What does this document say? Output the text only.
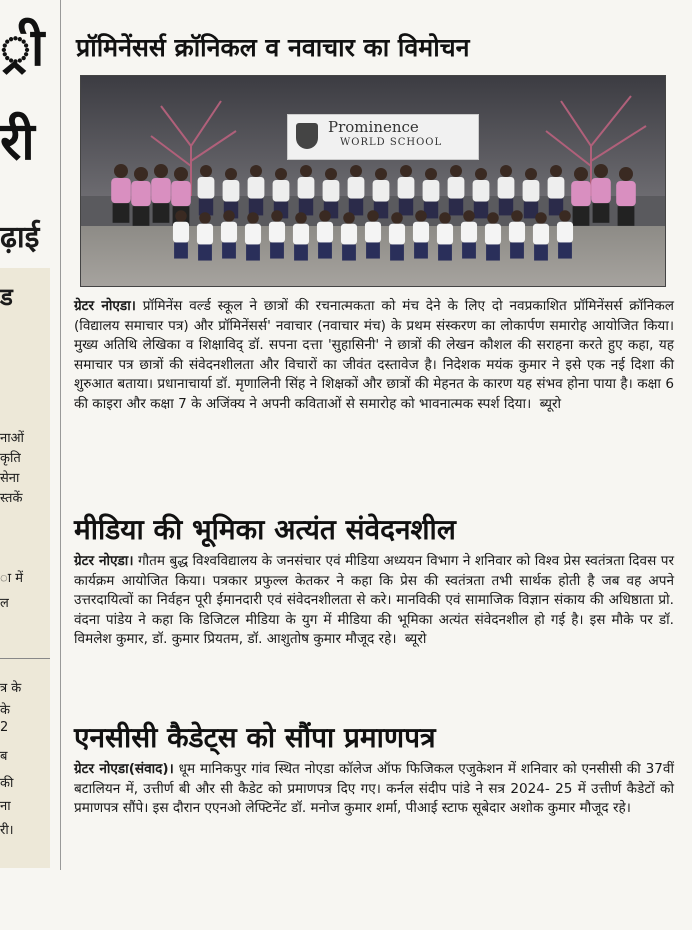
्री
री
ढ़ाई
ड
नाओं
कृति
सेना
स्तकें
ा में
ल
त्र के
के
2
ब
की
ना
री।
प्रॉमिनेंसर्स क्रॉनिकल व नवाचार का विमोचन
Prominence
WORLD SCHOOL

ग्रेटर नोएडा। प्रॉमिनेंस वर्ल्ड स्कूल ने छात्रों की रचनात्मकता को मंच देने के लिए दो नवप्रकाशित प्रॉमिनेंसर्स क्रॉनिकल (विद्यालय समाचार पत्र) और प्रॉमिनेंसर्स' नवाचार (नवाचार मंच) के प्रथम संस्करण का लोकार्पण समारोह आयोजित किया। मुख्य अतिथि लेखिका व शिक्षाविद् डॉ. सपना दत्ता 'सुहासिनी' ने छात्रों की लेखन कौशल की सराहना करते हुए कहा, यह समाचार पत्र छात्रों की संवेदनशीलता और विचारों का जीवंत दस्तावेज है। निदेशक मयंक कुमार ने इसे एक नई दिशा की शुरुआत बताया। प्रधानाचार्या डॉ. मृणालिनी सिंह ने शिक्षकों और छात्रों की मेहनत के कारण यह संभव होना पाया है। कक्षा 6 की काइरा और कक्षा 7 के अजिंक्य ने अपनी कविताओं से समारोह को भावनात्मक स्पर्श दिया। ब्यूरो

मीडिया की भूमिका अत्यंत संवेदनशील

ग्रेटर नोएडा। गौतम बुद्ध विश्वविद्यालय के जनसंचार एवं मीडिया अध्ययन विभाग ने शनिवार को विश्व प्रेस स्वतंत्रता दिवस पर कार्यक्रम आयोजित किया। पत्रकार प्रफुल्ल केतकर ने कहा कि प्रेस की स्वतंत्रता तभी सार्थक होती है जब वह अपने उत्तरदायित्वों का निर्वहन पूरी ईमानदारी एवं संवेदनशीलता से करे। मानविकी एवं सामाजिक विज्ञान संकाय की अधिष्ठाता प्रो. वंदना पांडेय ने कहा कि डिजिटल मीडिया के युग में मीडिया की भूमिका अत्यंत संवेदनशील हो गई है। इस मौके पर डॉ. विमलेश कुमार, डॉ. कुमार प्रियतम, डॉ. आशुतोष कुमार मौजूद रहे। ब्यूरो

एनसीसी कैडेट्स को सौंपा प्रमाणपत्र

ग्रेटर नोएडा(संवाद)। धूम मानिकपुर गांव स्थित नोएडा कॉलेज ऑफ फिजिकल एजुकेशन में शनिवार को एनसीसी की 37वीं बटालियन में, उत्तीर्ण बी और सी कैडेट को प्रमाणपत्र दिए गए। कर्नल संदीप पांडे ने सत्र 2024- 25 में उत्तीर्ण कैडेटों को प्रमाणपत्र सौंपे। इस दौरान एएनओ लेफ्टिनेंट डॉ. मनोज कुमार शर्मा, पीआई स्टाफ सूबेदार अशोक कुमार मौजूद रहे।
